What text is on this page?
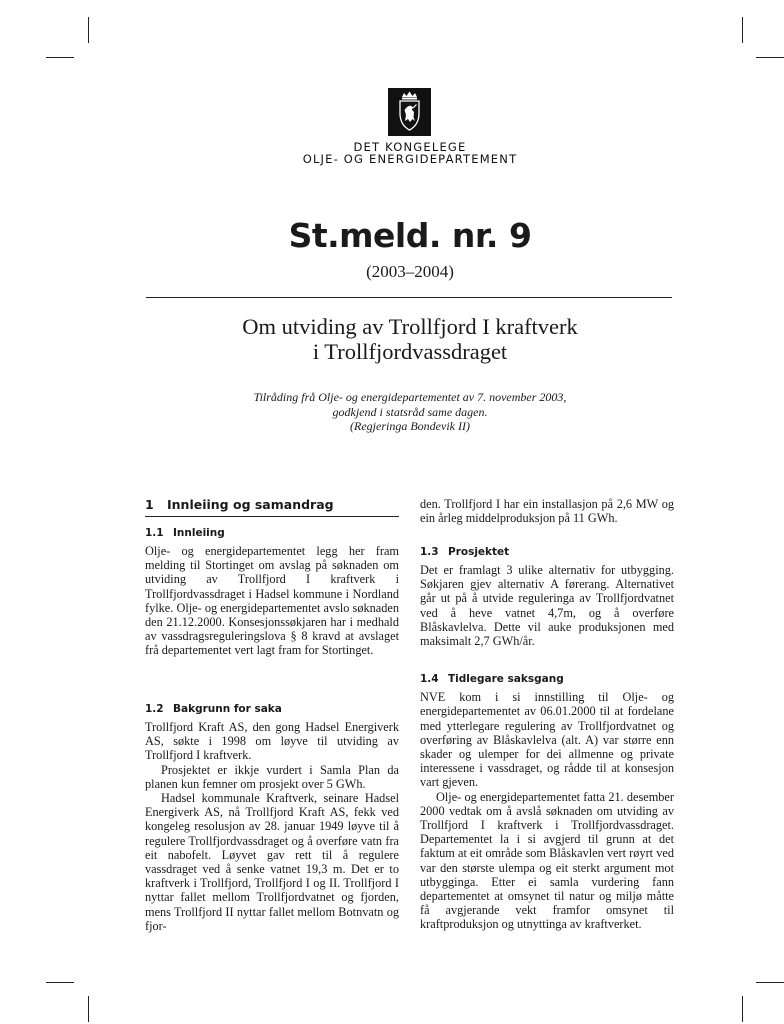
DET KONGELEGE
OLJE- OG ENERGIDEPARTEMENT
St.meld. nr. 9
(2003–2004)
Om utviding av Trollfjord I kraftverk
i Trollfjordvassdraget
Tilråding frå Olje- og energidepartementet av 7. november 2003,
godkjend i statsråd same dagen.
(Regjeringa Bondevik II)
1 Innleiing og samandrag
1.1 Innleiing

Olje- og energidepartementet legg her fram melding til Stortinget om avslag på søknaden om utviding av Trollfjord I kraftverk i Trollfjordvassdraget i Hadsel kommune i Nordland fylke. Olje- og energidepartementet avslo søknaden den 21.12.2000. Konsesjonssøkjaren har i medhald av vassdragsreguleringslova § 8 kravd at avslaget frå departementet vert lagt fram for Stortinget.

1.2 Bakgrunn for saka

Trollfjord Kraft AS, den gong Hadsel Energiverk AS, søkte i 1998 om løyve til utviding av Trollfjord I kraftverk.

Prosjektet er ikkje vurdert i Samla Plan da planen kun femner om prosjekt over 5 GWh.

Hadsel kommunale Kraftverk, seinare Hadsel Energiverk AS, nå Trollfjord Kraft AS, fekk ved kongeleg resolusjon av 28. januar 1949 løyve til å regulere Trollfjordvassdraget og å overføre vatn fra eit nabofelt. Løyvet gav rett til å regulere vassdraget ved å senke vatnet 19,3 m. Det er to kraftverk i Trollfjord, Trollfjord I og II. Trollfjord I nyttar fallet mellom Trollfjordvatnet og fjorden, mens Trollfjord II nyttar fallet mellom Botnvatn og fjor-

den. Trollfjord I har ein installasjon på 2,6 MW og ein årleg middelproduksjon på 11 GWh.

1.3 Prosjektet

Det er framlagt 3 ulike alternativ for utbygging. Søkjaren gjev alternativ A førerang. Alternativet går ut på å utvide reguleringa av Trollfjordvatnet ved å heve vatnet 4,7m, og å overføre Blåskavlelva. Dette vil auke produksjonen med maksimalt 2,7 GWh/år.

1.4 Tidlegare saksgang

NVE kom i si innstilling til Olje- og energidepartementet av 06.01.2000 til at fordelane med ytterlegare regulering av Trollfjordvatnet og overføring av Blåskavlelva (alt. A) var større enn skader og ulemper for dei allmenne og private interessene i vassdraget, og rådde til at konsesjon vart gjeven.

Olje- og energidepartementet fatta 21. desember 2000 vedtak om å avslå søknaden om utviding av Trollfjord I kraftverk i Trollfjordvassdraget. Departementet la i si avgjerd til grunn at det faktum at eit område som Blåskavlen vert røyrt ved var den største ulempa og eit sterkt argument mot utbygginga. Etter ei samla vurdering fann departementet at omsynet til natur og miljø måtte få avgjerande vekt framfor omsynet til kraftproduksjon og utnyttinga av kraftverket.
